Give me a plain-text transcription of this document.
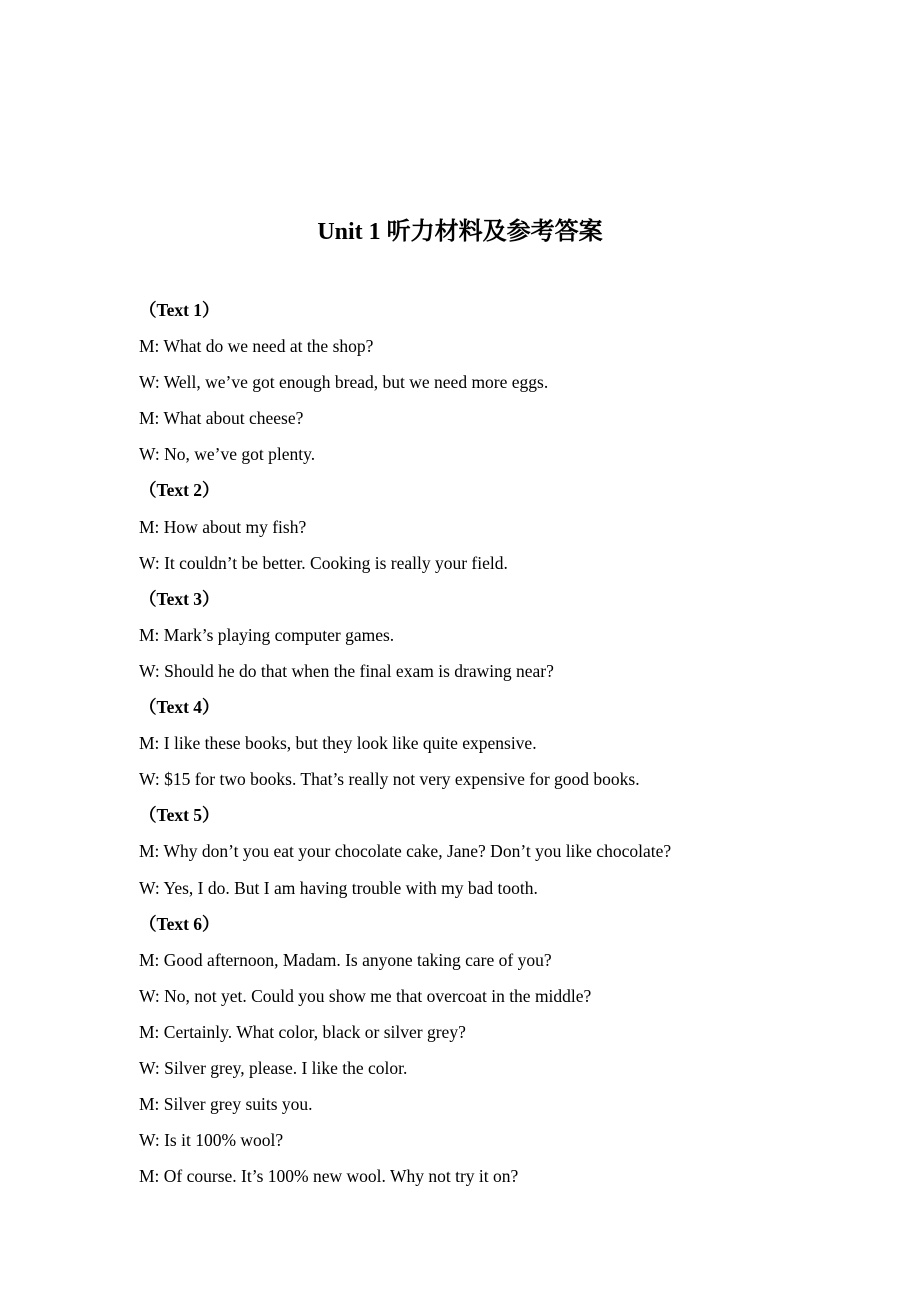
Unit 1 听力材料及参考答案

（Text 1）

M: What do we need at the shop?

W: Well, we’ve got enough bread, but we need more eggs.

M: What about cheese?

W: No, we’ve got plenty.

（Text 2）

M: How about my fish?

W: It couldn’t be better. Cooking is really your field.

（Text 3）

M: Mark’s playing computer games.

W: Should he do that when the final exam is drawing near?

（Text 4）

M: I like these books, but they look like quite expensive.

W: $15 for two books. That’s really not very expensive for good books.

（Text 5）

M: Why don’t you eat your chocolate cake, Jane? Don’t you like chocolate?

W: Yes, I do. But I am having trouble with my bad tooth.

（Text 6）

M: Good afternoon, Madam. Is anyone taking care of you?

W: No, not yet. Could you show me that overcoat in the middle?

M: Certainly. What color, black or silver grey?

W: Silver grey, please. I like the color.

M: Silver grey suits you.

W: Is it 100% wool?

M: Of course. It’s 100% new wool. Why not try it on?
